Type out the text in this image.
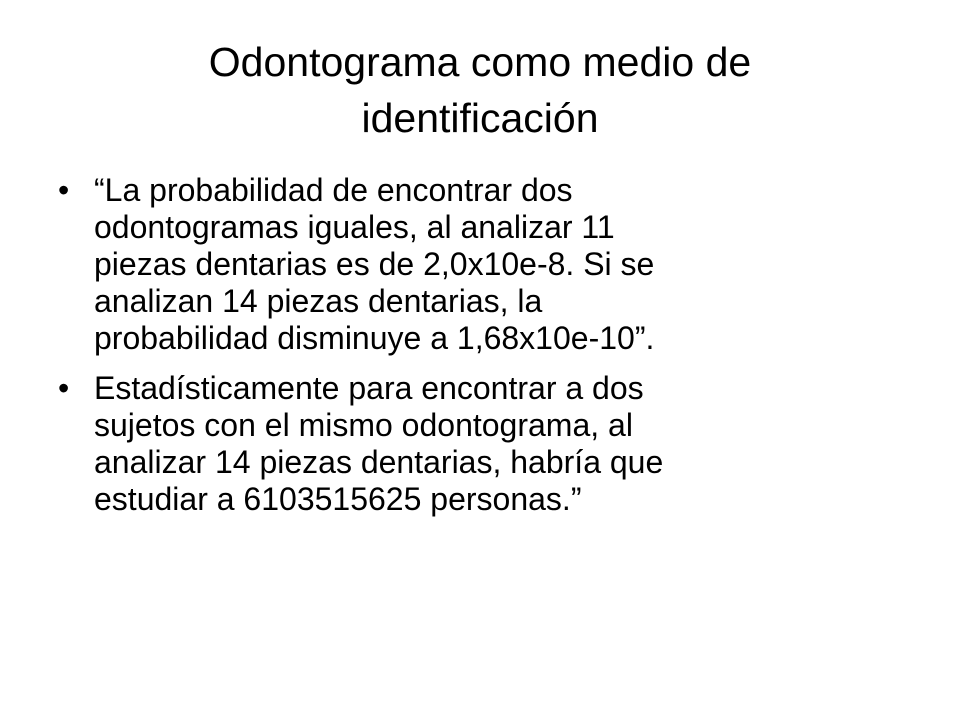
Odontograma como medio de
identificación
• “La probabilidad de encontrar dos
odontogramas iguales, al analizar 11
piezas dentarias es de 2,0x10e-8. Si se
analizan 14 piezas dentarias, la
probabilidad disminuye a 1,68x10e-10”.
• Estadísticamente para encontrar a dos
sujetos con el mismo odontograma, al
analizar 14 piezas dentarias, habría que
estudiar a 6103515625 personas.”
